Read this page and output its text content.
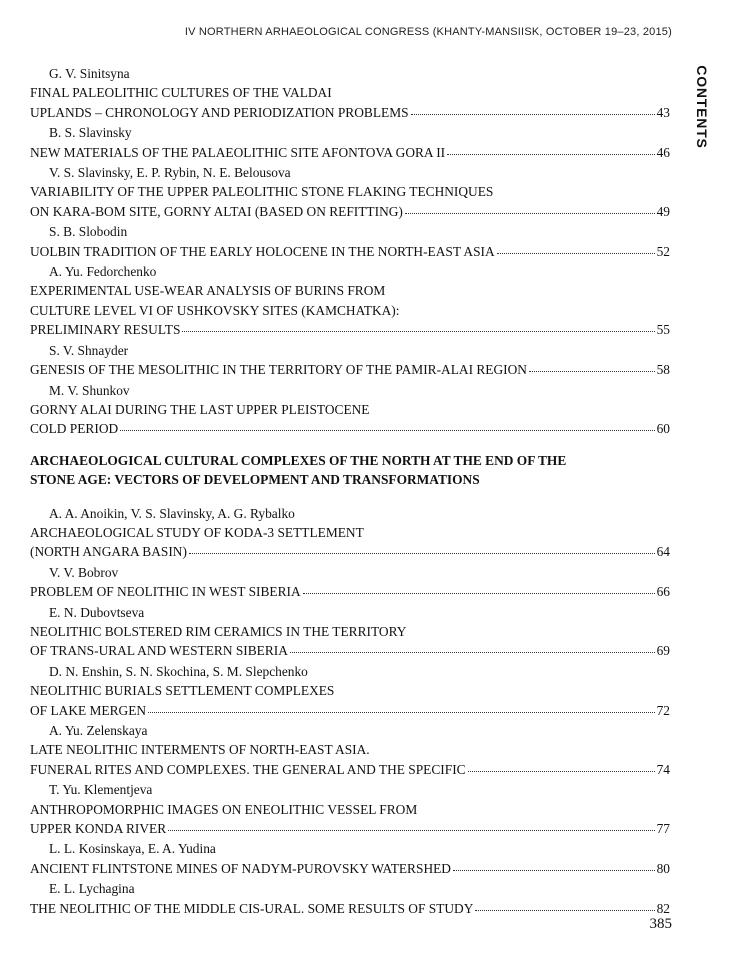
IV NORTHERN ARHAEOLOGICAL CONGRESS (KHANTY-MANSIISK, OCTOBER 19–23, 2015)
CONTENTS
G. V. Sinitsyna
FINAL PALEOLITHIC CULTURES OF THE VALDAI
UPLANDS – CHRONOLOGY AND PERIODIZATION PROBLEMS	43
B. S. Slavinsky
NEW MATERIALS OF THE PALAEOLITHIC SITE AFONTOVA GORA II	46
V. S. Slavinsky, E. P. Rybin, N. E. Belousova
VARIABILITY OF THE UPPER PALEOLITHIC STONE FLAKING TECHNIQUES
ON KARA-BOM SITE, GORNY ALTAI (BASED ON REFITTING)	49
S. B. Slobodin
UOLBIN TRADITION OF THE EARLY HOLOCENE IN THE NORTH-EAST ASIA	52
A. Yu. Fedorchenko
EXPERIMENTAL USE-WEAR ANALYSIS OF BURINS FROM
CULTURE LEVEL VI OF USHKOVSKY SITES (KAMCHATKA):
PRELIMINARY RESULTS	55
S. V. Shnayder
GENESIS OF THE MESOLITHIC IN THE TERRITORY OF THE PAMIR-ALAI REGION	58
M. V. Shunkov
GORNY ALAI DURING THE LAST UPPER PLEISTOCENE
COLD PERIOD	60
ARCHAEOLOGICAL CULTURAL COMPLEXES OF THE NORTH AT THE END OF THE
STONE AGE: VECTORS OF DEVELOPMENT AND TRANSFORMATIONS
A. A. Anoikin, V. S. Slavinsky, A. G. Rybalko
ARCHAEOLOGICAL STUDY OF KODA-3 SETTLEMENT
(NORTH ANGARA BASIN)	64
V. V. Bobrov
PROBLEM OF NEOLITHIC IN WEST SIBERIA	66
E. N. Dubovtseva
NEOLITHIC BOLSTERED RIM CERAMICS IN THE TERRITORY
OF TRANS-URAL AND WESTERN SIBERIA	69
D. N. Enshin, S. N. Skochina, S. M. Slepchenko
NEOLITHIC BURIALS SETTLEMENT COMPLEXES
OF LAKE MERGEN	72
A. Yu. Zelenskaya
LATE NEOLITHIC INTERMENTS OF NORTH-EAST ASIA.
FUNERAL RITES AND COMPLEXES. THE GENERAL AND THE SPECIFIC	74
T. Yu. Klementjeva
ANTHROPOMORPHIC IMAGES ON ENEOLITHIC VESSEL FROM
UPPER KONDA RIVER	77
L. L. Kosinskaya, E. A. Yudina
ANCIENT FLINTSTONE MINES OF NADYM-PUROVSKY WATERSHED	80
E. L. Lychagina
THE NEOLITHIC OF THE MIDDLE CIS-URAL. SOME RESULTS OF STUDY	82
385
